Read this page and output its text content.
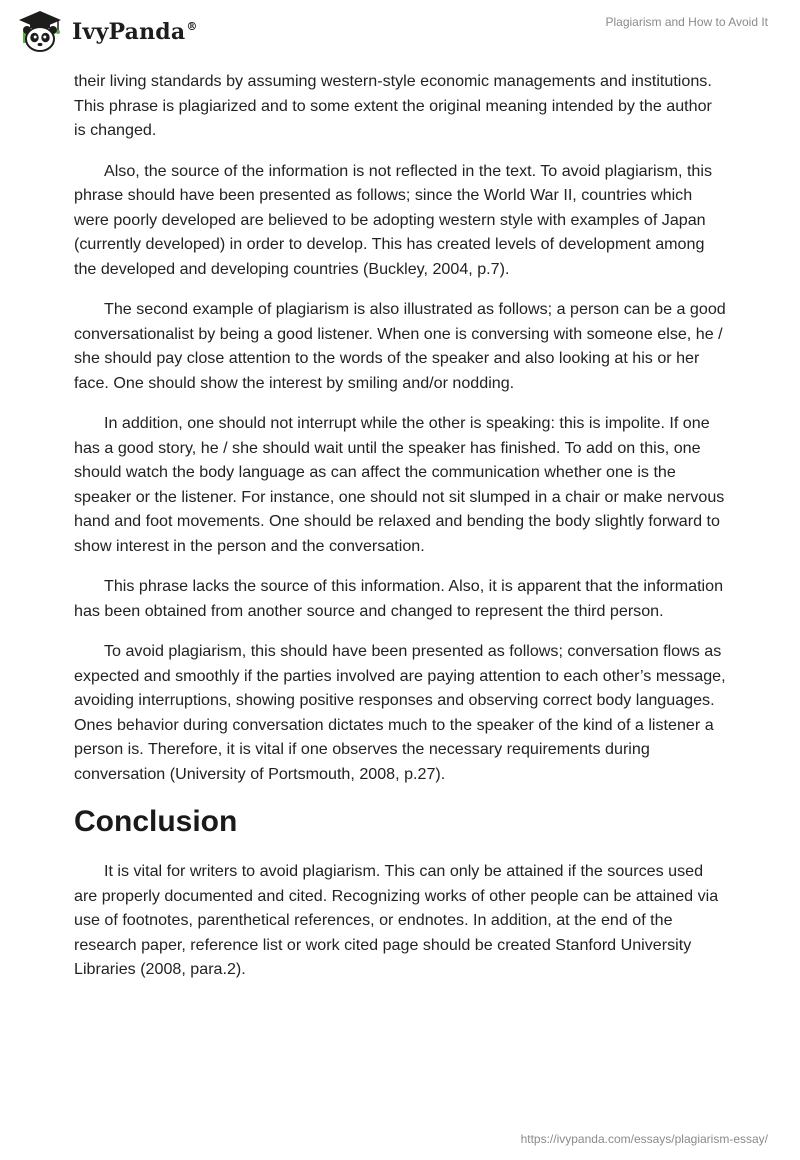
IvyPanda®	Plagiarism and How to Avoid It

their living standards by assuming western-style economic managements and institutions. This phrase is plagiarized and to some extent the original meaning intended by the author is changed.

Also, the source of the information is not reflected in the text. To avoid plagiarism, this phrase should have been presented as follows; since the World War II, countries which were poorly developed are believed to be adopting western style with examples of Japan (currently developed) in order to develop. This has created levels of development among the developed and developing countries (Buckley, 2004, p.7).

The second example of plagiarism is also illustrated as follows; a person can be a good conversationalist by being a good listener. When one is conversing with someone else, he / she should pay close attention to the words of the speaker and also looking at his or her face. One should show the interest by smiling and/or nodding.

In addition, one should not interrupt while the other is speaking: this is impolite. If one has a good story, he / she should wait until the speaker has finished. To add on this, one should watch the body language as can affect the communication whether one is the speaker or the listener. For instance, one should not sit slumped in a chair or make nervous hand and foot movements. One should be relaxed and bending the body slightly forward to show interest in the person and the conversation.

This phrase lacks the source of this information. Also, it is apparent that the information has been obtained from another source and changed to represent the third person.

To avoid plagiarism, this should have been presented as follows; conversation flows as expected and smoothly if the parties involved are paying attention to each other’s message, avoiding interruptions, showing positive responses and observing correct body languages. Ones behavior during conversation dictates much to the speaker of the kind of a listener a person is. Therefore, it is vital if one observes the necessary requirements during conversation (University of Portsmouth, 2008, p.27).

Conclusion

It is vital for writers to avoid plagiarism. This can only be attained if the sources used are properly documented and cited. Recognizing works of other people can be attained via use of footnotes, parenthetical references, or endnotes. In addition, at the end of the research paper, reference list or work cited page should be created Stanford University Libraries (2008, para.2).

https://ivypanda.com/essays/plagiarism-essay/
